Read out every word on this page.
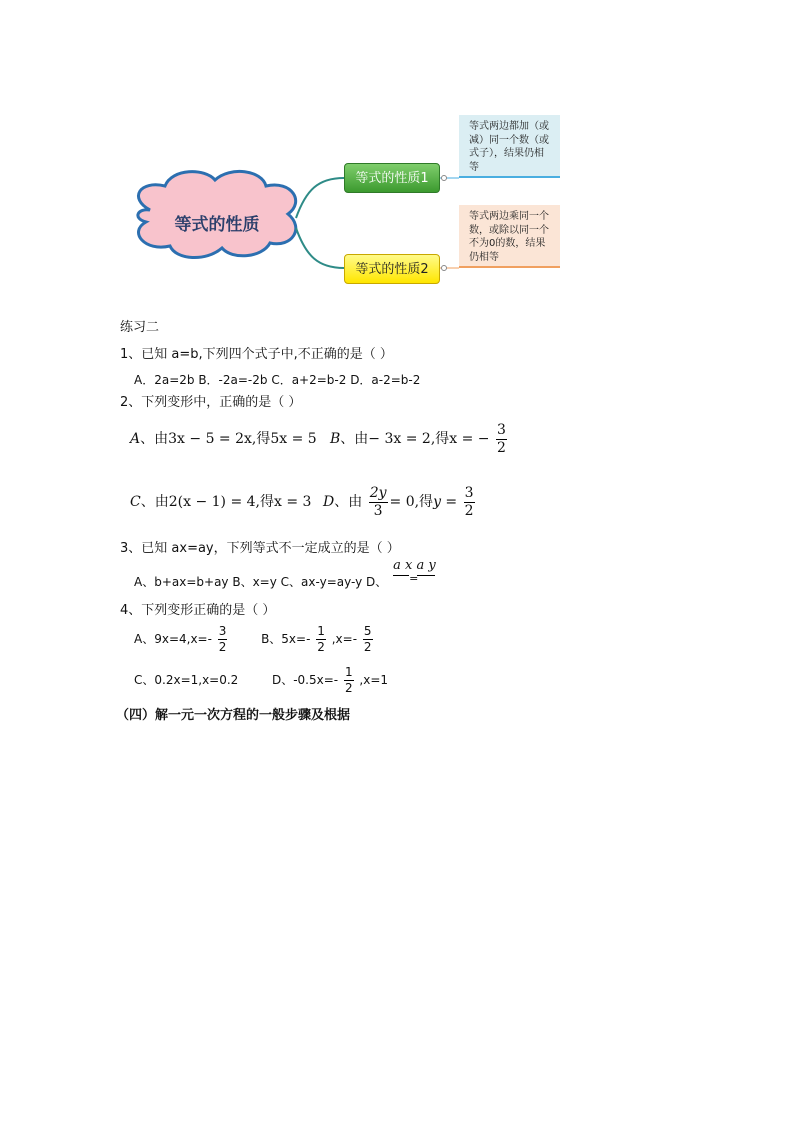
等式的性质
等式的性质1
等式的性质2
等式两边都加（或
减）同一个数（或
式子），结果仍相
等
等式两边乘同一个
数，或除以同一个
不为0的数，结果
仍相等
练习二
1、已知 a=b,下列四个式子中,不正确的是（ ）
A．2a=2b B．-2a=-2b C．a+2=b-2 D．a-2=b-2
2、下列变形中，正确的是（ ）
A、由3x − 5 = 2x,得5x = 5 B、由− 3x = 2,得x = − $\frac{3}{2}$
C、由2(x − 1) = 4,得x = 3 D、由 $\frac{2y}{3} = 0$,得$y = \frac{3}{2}$
3、已知 ax=ay，下列等式不一定成立的是（ ）
A、b+ax=b+ay B、x=y C、ax-y=ay-y D、
a x a y
=
4、下列变形正确的是（ ）
A、$9x=4,x=- \frac{3}{2}$	B、$5x=- \frac{1}{2} ,x=- \frac{5}{2}$
C、0.2x=1,x=0.2	D、$-0.5x=- \frac{1}{2} ,x=1$
（四）解一元一次方程的一般步骤及根据
